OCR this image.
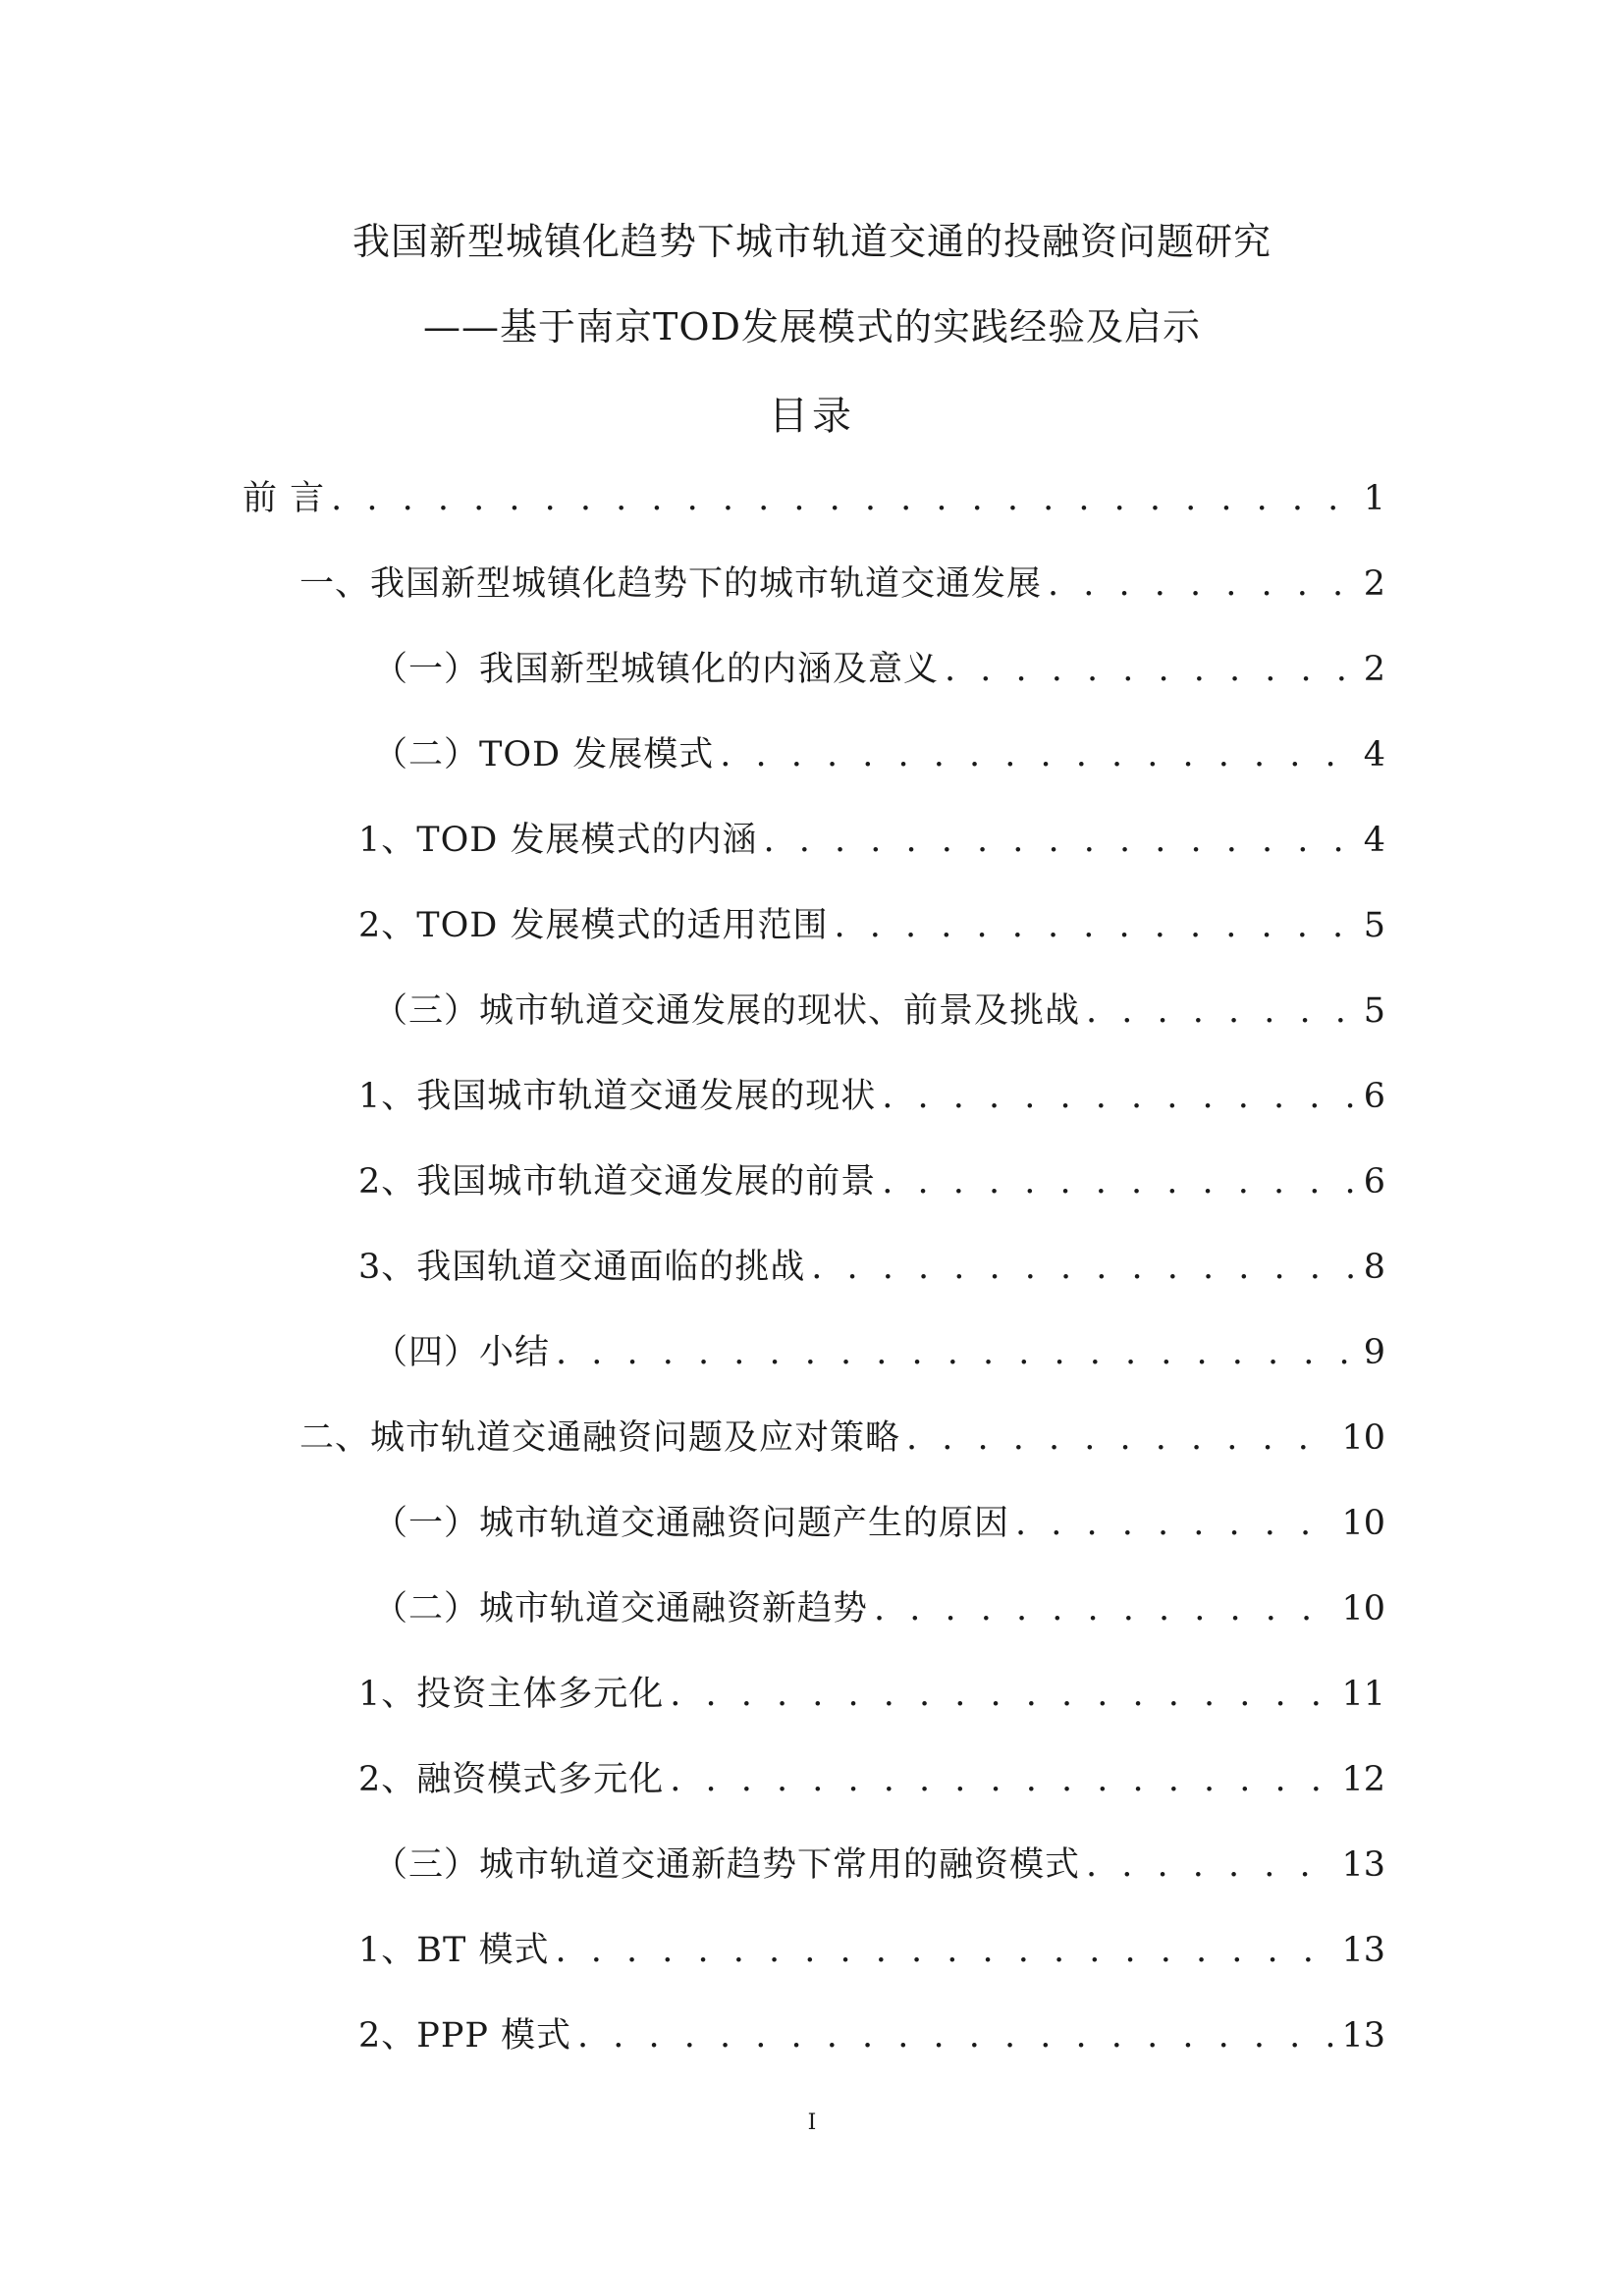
我国新型城镇化趋势下城市轨道交通的投融资问题研究
——基于南京TOD发展模式的实践经验及启示
目录
前 言 . . .	1
一、我国新型城镇化趋势下的城市轨道交通发展 . . .	2
（一）我国新型城镇化的内涵及意义 . . .	2
（二）TOD 发展模式 . . .	4
1、TOD 发展模式的内涵 . . .	4
2、TOD 发展模式的适用范围 . . .	5
（三）城市轨道交通发展的现状、前景及挑战 . . .	5
1、我国城市轨道交通发展的现状 . . .	6
2、我国城市轨道交通发展的前景 . . .	6
3、我国轨道交通面临的挑战 . . .	8
（四）小结 . . .	9
二、城市轨道交通融资问题及应对策略 . . .	10
（一）城市轨道交通融资问题产生的原因 . . .	10
（二）城市轨道交通融资新趋势 . . .	10
1、投资主体多元化 . . .	11
2、融资模式多元化 . . .	12
（三）城市轨道交通新趋势下常用的融资模式 . . .	13
1、BT 模式 . . .	13
2、PPP 模式 . . .	13
I
